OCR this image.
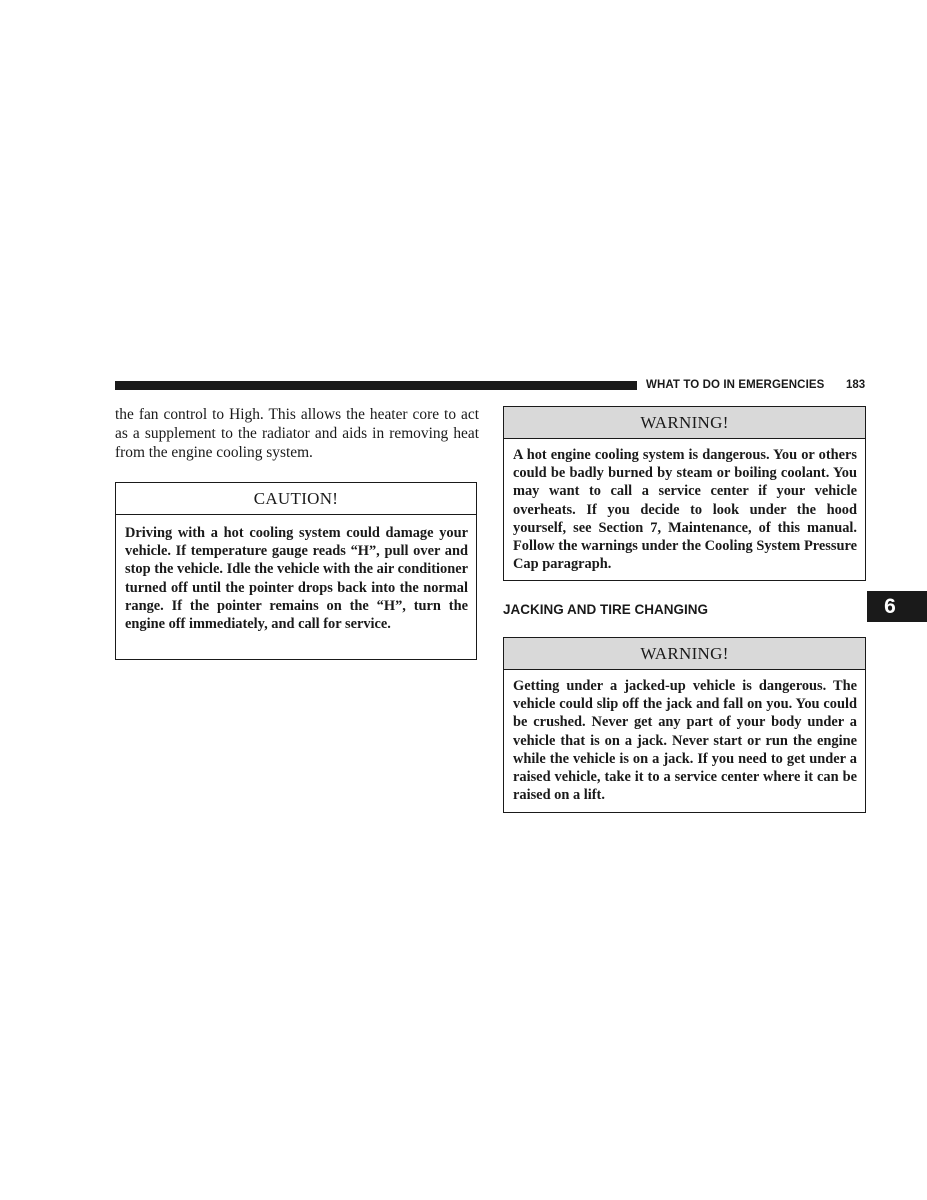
WHAT TO DO IN EMERGENCIES 183

the fan control to High. This allows the heater core to act as a supplement to the radiator and aids in removing heat from the engine cooling system.

CAUTION!

Driving with a hot cooling system could damage your vehicle. If temperature gauge reads “H”, pull over and stop the vehicle. Idle the vehicle with the air conditioner turned off until the pointer drops back into the normal range. If the pointer remains on the “H”, turn the engine off immediately, and call for service.

WARNING!

A hot engine cooling system is dangerous. You or others could be badly burned by steam or boiling coolant. You may want to call a service center if your vehicle overheats. If you decide to look under the hood yourself, see Section 7, Maintenance, of this manual. Follow the warnings under the Cooling System Pressure Cap paragraph.

JACKING AND TIRE CHANGING	6
WARNING!

Getting under a jacked-up vehicle is dangerous. The vehicle could slip off the jack and fall on you. You could be crushed. Never get any part of your body under a vehicle that is on a jack. Never start or run the engine while the vehicle is on a jack. If you need to get under a raised vehicle, take it to a service center where it can be raised on a lift.
